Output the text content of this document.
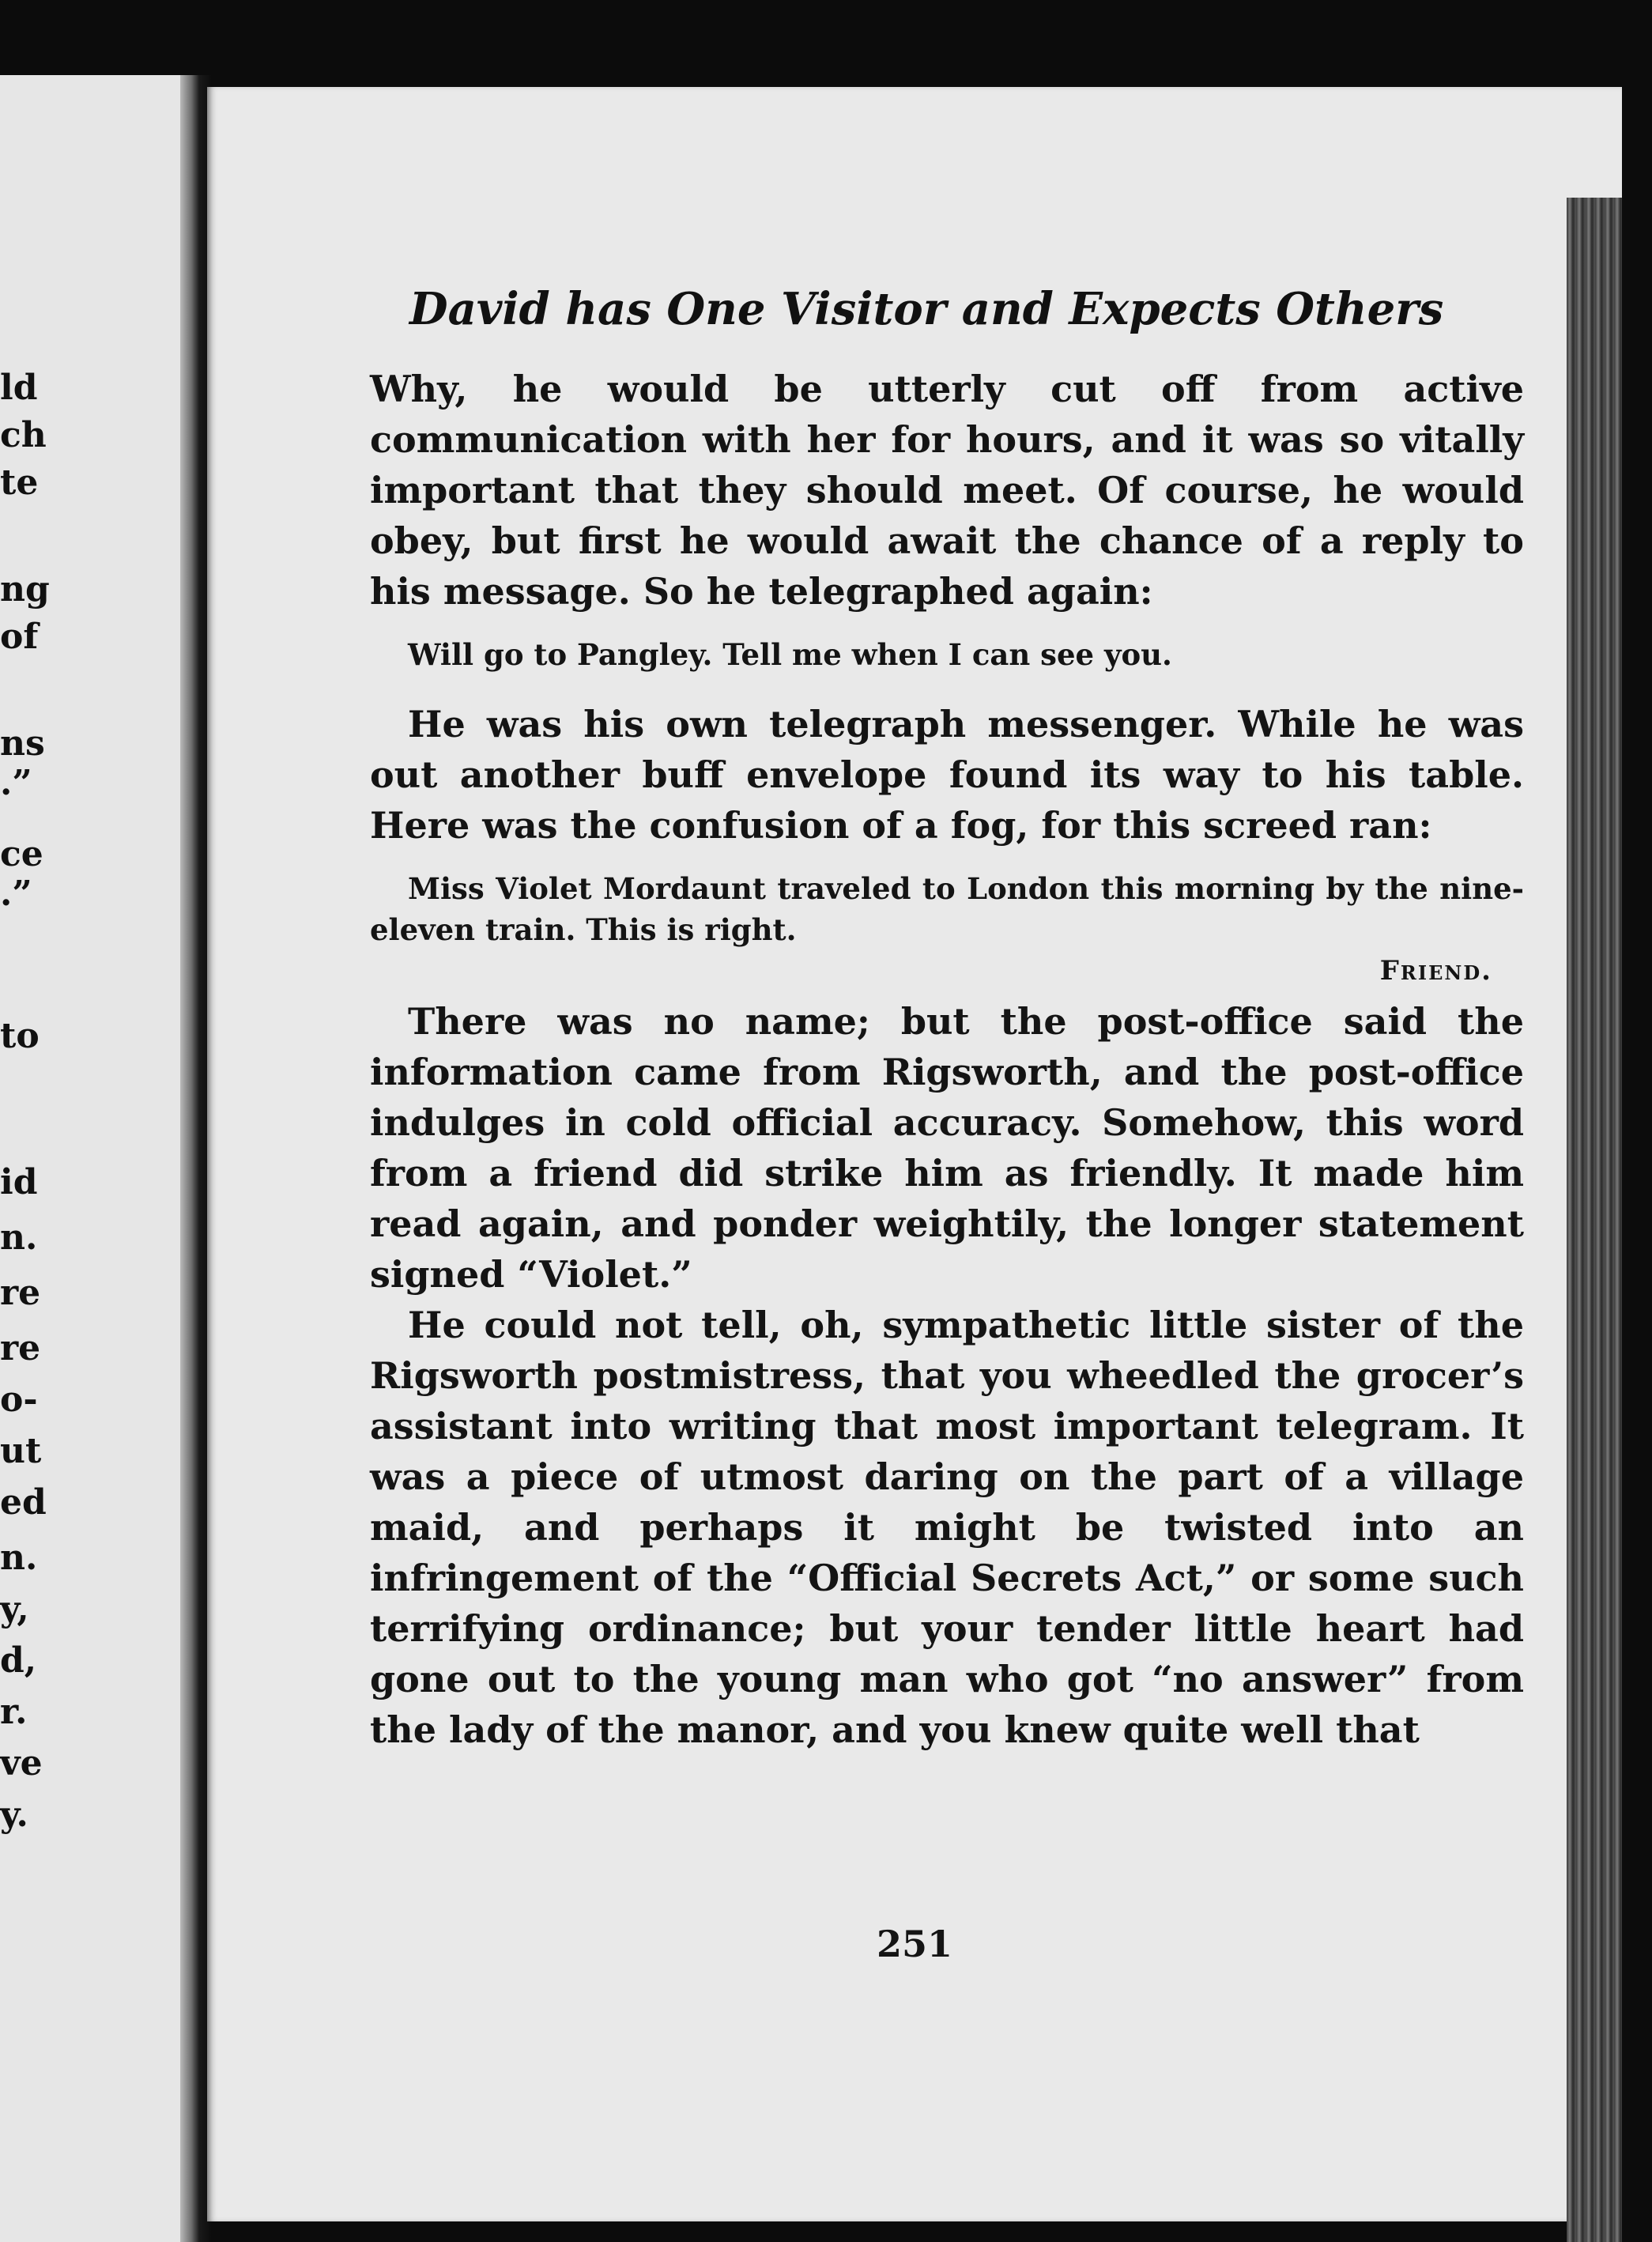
ld
ch
te
ng
of
ns
.”
ce
.”
to
id
n.
re
re
o-
ut
ed
n.
y,
d,
r.
ve
y.
David has One Visitor and Expects Others

Why, he would be utterly cut off from active communication with her for hours, and it was so vitally important that they should meet. Of course, he would obey, but first he would await the chance of a reply to his message. So he telegraphed again:

Will go to Pangley. Tell me when I can see you.

He was his own telegraph messenger. While he was out another buff envelope found its way to his table. Here was the confusion of a fog, for this screed ran:

Miss Violet Mordaunt traveled to London this morning by the nine-eleven train. This is right.

Friend.

There was no name; but the post-office said the information came from Rigsworth, and the post-office indulges in cold official accuracy. Somehow, this word from a friend did strike him as friendly. It made him read again, and ponder weightily, the longer statement signed “Violet.”

He could not tell, oh, sympathetic little sister of the Rigsworth postmistress, that you wheedled the grocer’s assistant into writing that most important telegram. It was a piece of utmost daring on the part of a village maid, and perhaps it might be twisted into an infringement of the “Official Secrets Act,” or some such terrifying ordinance; but your tender little heart had gone out to the young man who got “no answer” from the lady of the manor, and you knew quite well that

251
